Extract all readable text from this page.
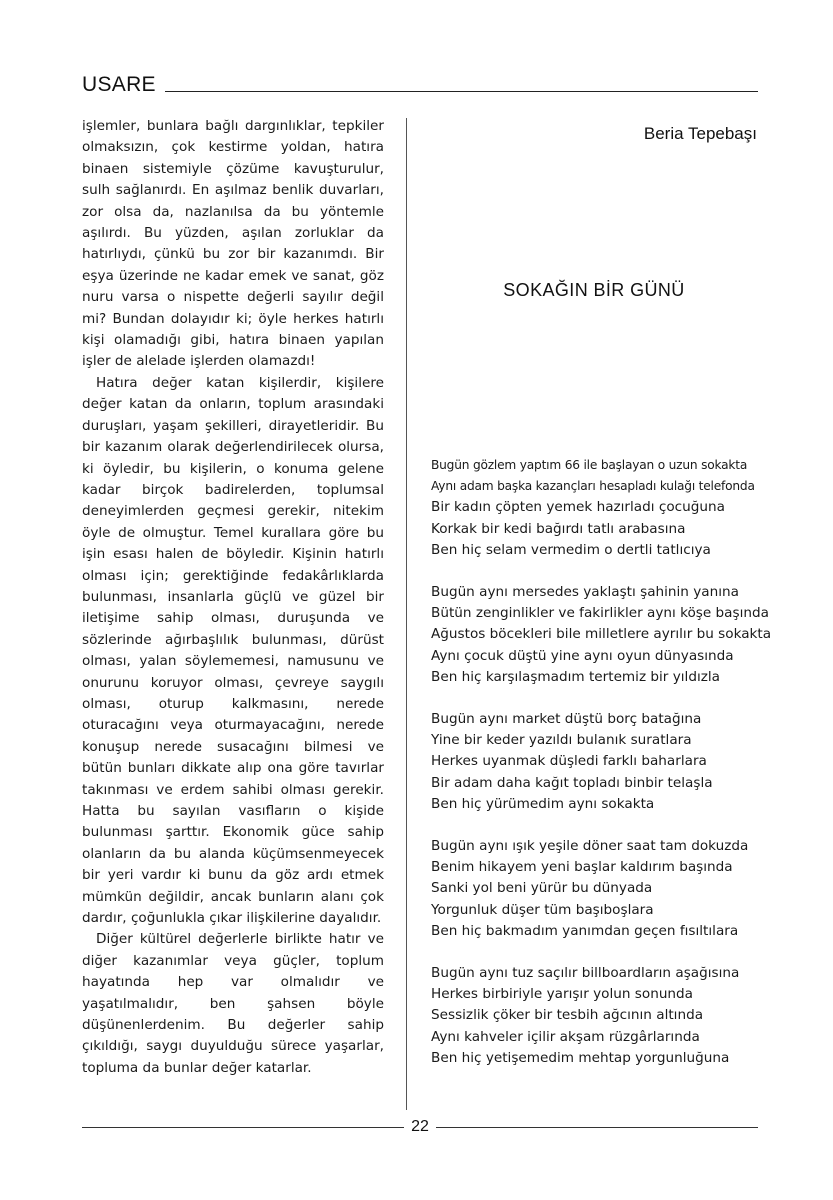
USARE

işlemler, bunlara bağlı dargınlıklar, tepkiler olmaksızın, çok kestirme yoldan, hatıra binaen sistemiyle çözüme kavuşturulur, sulh sağlanırdı. En aşılmaz benlik duvarları, zor olsa da, nazlanılsa da bu yöntemle aşılırdı. Bu yüzden, aşılan zorluklar da hatırlıydı, çünkü bu zor bir kazanımdı. Bir eşya üzerinde ne kadar emek ve sanat, göz nuru varsa o nispette değerli sayılır değil mi? Bundan dolayıdır ki; öyle herkes hatırlı kişi olamadığı gibi, hatıra binaen yapılan işler de alelade işlerden olamazdı!

Hatıra değer katan kişilerdir, kişilere değer katan da onların, toplum arasındaki duruşları, yaşam şekilleri, dirayetleridir. Bu bir kazanım olarak değerlendirilecek olursa, ki öyledir, bu kişilerin, o konuma gelene kadar birçok badirelerden, toplumsal deneyimlerden geçmesi gerekir, nitekim öyle de olmuştur. Temel kurallara göre bu işin esası halen de böyledir. Kişinin hatırlı olması için; gerektiğinde fedakârlıklarda bulunması, insanlarla güçlü ve güzel bir iletişime sahip olması, duruşunda ve sözlerinde ağırbaşlılık bulunması, dürüst olması, yalan söylememesi, namusunu ve onurunu koruyor olması, çevreye saygılı olması, oturup kalkmasını, nerede oturacağını veya oturmayacağını, nerede konuşup nerede susacağını bilmesi ve bütün bunları dikkate alıp ona göre tavırlar takınması ve erdem sahibi olması gerekir. Hatta bu sayılan vasıfların o kişide bulunması şarttır. Ekonomik güce sahip olanların da bu alanda küçümsenmeyecek bir yeri vardır ki bunu da göz ardı etmek mümkün değildir, ancak bunların alanı çok dardır, çoğunlukla çıkar ilişkilerine dayalıdır.

Diğer kültürel değerlerle birlikte hatır ve diğer kazanımlar veya güçler, toplum hayatında hep var olmalıdır ve yaşatılmalıdır, ben şahsen böyle düşünenlerdenim. Bu değerler sahip çıkıldığı, saygı duyulduğu sürece yaşarlar, topluma da bunlar değer katarlar.

Beria Tepebaşı
SOKAĞIN BİR GÜNÜ
Bugün gözlem yaptım 66 ile başlayan o uzun sokakta
Aynı adam başka kazançları hesapladı kulağı telefonda
Bir kadın çöpten yemek hazırladı çocuğuna
Korkak bir kedi bağırdı tatlı arabasına
Ben hiç selam vermedim o dertli tatlıcıya
Bugün aynı mersedes yaklaştı şahinin yanına
Bütün zenginlikler ve fakirlikler aynı köşe başında
Ağustos böcekleri bile milletlere ayrılır bu sokakta
Aynı çocuk düştü yine aynı oyun dünyasında
Ben hiç karşılaşmadım tertemiz bir yıldızla
Bugün aynı market düştü borç batağına
Yine bir keder yazıldı bulanık suratlara
Herkes uyanmak düşledi farklı baharlara
Bir adam daha kağıt topladı binbir telaşla
Ben hiç yürümedim aynı sokakta
Bugün aynı ışık yeşile döner saat tam dokuzda
Benim hikayem yeni başlar kaldırım başında
Sanki yol beni yürür bu dünyada
Yorgunluk düşer tüm başıboşlara
Ben hiç bakmadım yanımdan geçen fısıltılara
Bugün aynı tuz saçılır billboardların aşağısına
Herkes birbiriyle yarışır yolun sonunda
Sessizlik çöker bir tesbih ağcının altında
Aynı kahveler içilir akşam rüzgârlarında
Ben hiç yetişemedim mehtap yorgunluğuna
22
